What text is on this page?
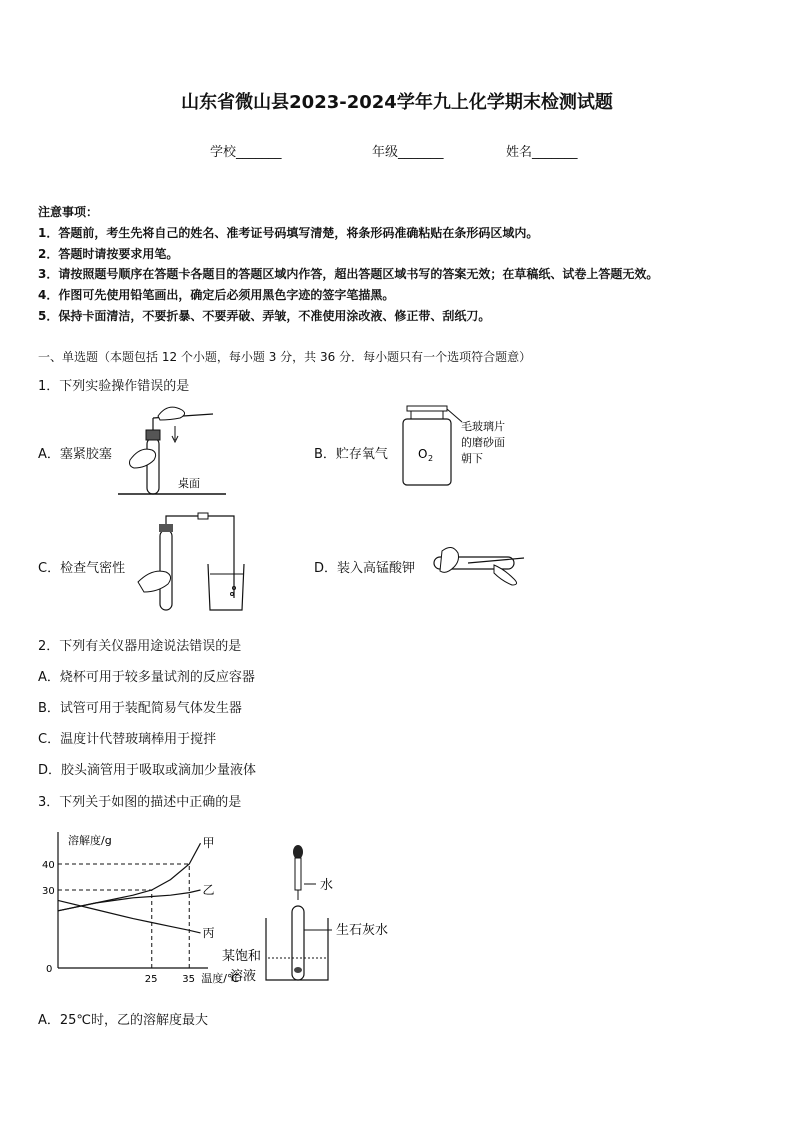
山东省微山县2023-2024学年九上化学期末检测试题
学校_______	年级_______	姓名_______
注意事项：
1．答题前，考生先将自己的姓名、准考证号码填写清楚，将条形码准确粘贴在条形码区域内。
2．答题时请按要求用笔。
3．请按照题号顺序在答题卡各题目的答题区域内作答，超出答题区域书写的答案无效；在草稿纸、试卷上答题无效。
4．作图可先使用铅笔画出，确定后必须用黑色字迹的签字笔描黑。
5．保持卡面清洁，不要折暴、不要弄破、弄皱，不准使用涂改液、修正带、刮纸刀。
一、单选题（本题包括 12 个小题，每小题 3 分，共 36 分．每小题只有一个选项符合题意）
1．下列实验操作错误的是
A．塞紧胶塞	B．贮存氧气
C．检查气密性	D．装入高锰酸钾
桌面
O 2
毛玻璃片
的磨砂面
朝下
2．下列有关仪器用途说法错误的是
A．烧杯可用于较多量试剂的反应容器
B．试管可用于装配简易气体发生器
C．温度计代替玻璃棒用于搅拌
D．胶头滴管用于吸取或滴加少量液体
3．下列关于如图的描述中正确的是
溶解度/g
0
30
40
25 35 温度/℃
甲
乙
丙
水
生石灰水
某饱和
溶液
A．25℃时，乙的溶解度最大
